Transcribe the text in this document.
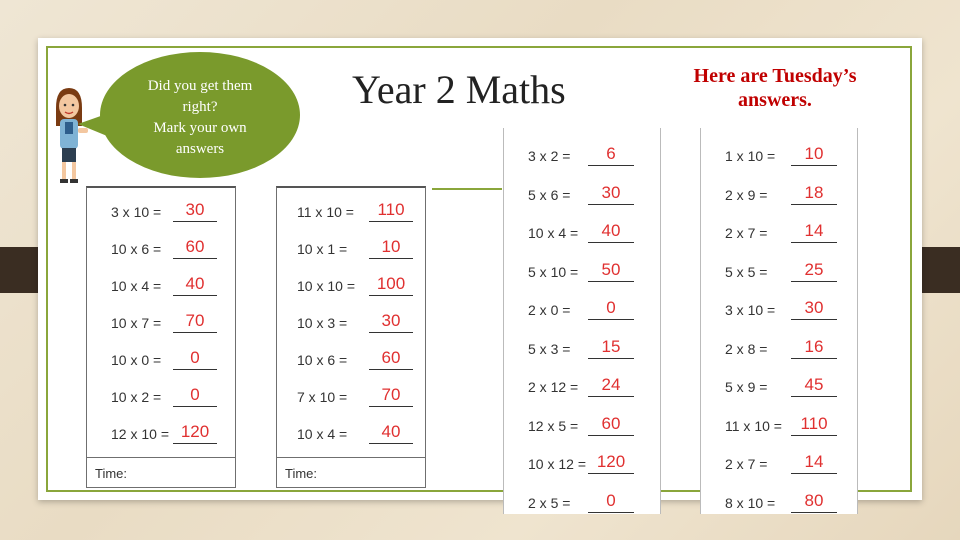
Did you get them
right?
Mark your own
answers
Year 2 Maths	Here are Tuesday’s answers.
Time:
3 x 10 =	30
10 x 6 =	60
10 x 4 =	40
10 x 7 =	70
10 x 0 =	0
10 x 2 =	0
12 x 10 = 120
Time:
11 x 10 =	110
10 x 1 =	10
10 x 10 =	100
10 x 3 =	30
10 x 6 =	60
7 x 10 =	70
10 x 4 =	40
3 x 2 =	6
5 x 6 =	30
10 x 4 =	40
5 x 10 =	50
2 x 0 =	0
5 x 3 =	15
2 x 12 =	24
12 x 5 =	60
10 x 12 = 120
2 x 5 =	0
1 x 10 =	10
2 x 9 =	18
2 x 7 =	14
5 x 5 =	25
3 x 10 =	30
2 x 8 =	16
5 x 9 =	45
11 x 10 =	110
2 x 7 =	14
8 x 10 =	80
